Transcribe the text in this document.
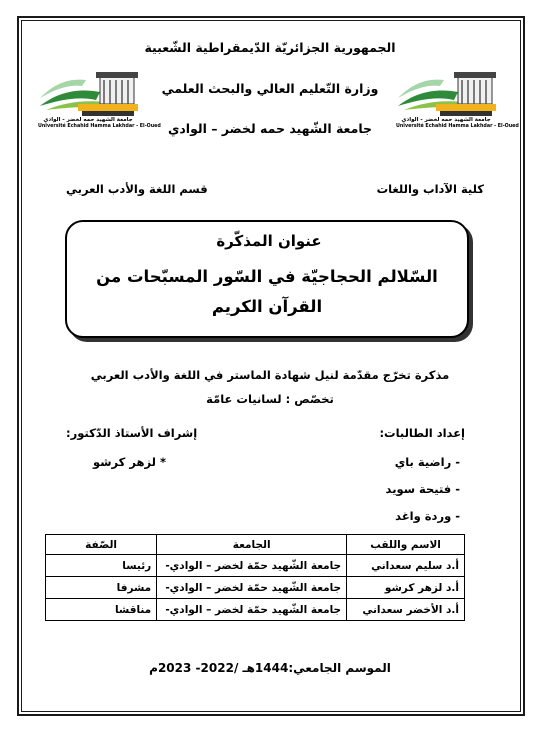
الجمهورية الجزائريّة الدّيمقراطية الشّعبية
وزارة التّعليم العالي والبحث العلمي
جامعة الشّهيد حمه لخضر – الوادي
جامعة الشهيد حمه لخضر - الوادي
Université Echahid Hamma Lakhdar - El-Oued
جامعة الشهيد حمه لخضر - الوادي
Université Echahid Hamma Lakhdar - El-Oued
كلية الآداب واللغات
قسم اللغة والأدب العربي
عنوان المذكّرة
السّلالم الحجاجيّة في السّور المسبّحات من القرآن الكريم
مذكرة تخرّج مقدّمة لنيل شهادة الماستر في اللغة والأدب العربي
تخصّص : لسانيات عامّة
إعداد الطالبات:
إشراف الأستاذ الدّكتور:
- راضية باي
- فتيحة سويد
- وردة واغد
* لزهر كرشو
الاسم واللقب	الجامعة	الصّفة
أ.د سليم سعداني	جامعة الشّهيد حمّة لخضر – الوادي-	رئيسا
أ.د لزهر كرشو	جامعة الشّهيد حمّة لخضر – الوادي-	مشرفا
أ.د الأخضر سعداني	جامعة الشّهيد حمّة لخضر – الوادي-	مناقشا
الموسم الجامعي:1444هـ /2022- 2023م
